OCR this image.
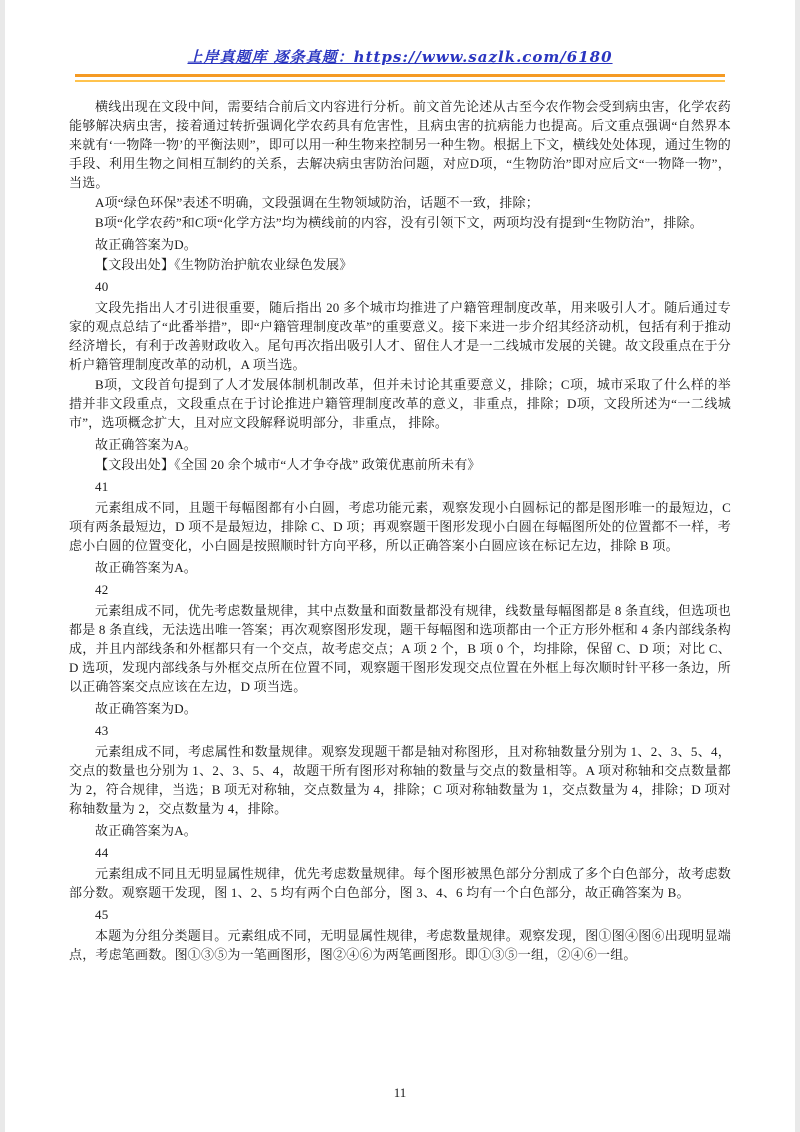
上岸真题库 逐条真题：https://www.sazlk.com/6180

横线出现在文段中间，需要结合前后文内容进行分析。前文首先论述从古至今农作物会受到病虫害，化学农药能够解决病虫害，接着通过转折强调化学农药具有危害性，且病虫害的抗病能力也提高。后文重点强调“自然界本来就有‘一物降一物’的平衡法则”，即可以用一种生物来控制另一种生物。根据上下文，横线处处体现，通过生物的手段、利用生物之间相互制约的关系，去解决病虫害防治问题，对应D项，“生物防治”即对应后文“一物降一物”，当选。

A项“绿色环保”表述不明确，文段强调在生物领域防治，话题不一致，排除；

B项“化学农药”和C项“化学方法”均为横线前的内容，没有引领下文，两项均没有提到“生物防治”，排除。

故正确答案为D。

【文段出处】《生物防治护航农业绿色发展》

40

文段先指出人才引进很重要，随后指出 20 多个城市均推进了户籍管理制度改革，用来吸引人才。随后通过专家的观点总结了“此番举措”，即“户籍管理制度改革”的重要意义。接下来进一步介绍其经济动机，包括有利于推动经济增长，有利于改善财政收入。尾句再次指出吸引人才、留住人才是一二线城市发展的关键。故文段重点在于分析户籍管理制度改革的动机，A 项当选。

B项，文段首句提到了人才发展体制机制改革，但并未讨论其重要意义，排除；C项，城市采取了什么样的举措并非文段重点，文段重点在于讨论推进户籍管理制度改革的意义，非重点，排除；D项，文段所述为“一二线城市”，选项概念扩大，且对应文段解释说明部分，非重点， 排除。

故正确答案为A。

【文段出处】《全国 20 余个城市“人才争夺战” 政策优惠前所未有》

41

元素组成不同，且题干每幅图都有小白圆，考虑功能元素，观察发现小白圆标记的都是图形唯一的最短边，C 项有两条最短边，D 项不是最短边，排除 C、D 项；再观察题干图形发现小白圆在每幅图所处的位置都不一样，考虑小白圆的位置变化，小白圆是按照顺时针方向平移，所以正确答案小白圆应该在标记左边，排除 B 项。

故正确答案为A。

42

元素组成不同，优先考虑数量规律，其中点数量和面数量都没有规律，线数量每幅图都是 8 条直线，但选项也都是 8 条直线，无法选出唯一答案；再次观察图形发现，题干每幅图和选项都由一个正方形外框和 4 条内部线条构成，并且内部线条和外框都只有一个交点，故考虑交点；A 项 2 个，B 项 0 个，均排除，保留 C、D 项；对比 C、D 选项，发现内部线条与外框交点所在位置不同，观察题干图形发现交点位置在外框上每次顺时针平移一条边，所以正确答案交点应该在左边，D 项当选。

故正确答案为D。

43

元素组成不同，考虑属性和数量规律。观察发现题干都是轴对称图形，且对称轴数量分别为 1、2、3、5、4，交点的数量也分别为 1、2、3、5、4，故题干所有图形对称轴的数量与交点的数量相等。A 项对称轴和交点数量都为 2，符合规律，当选；B 项无对称轴，交点数量为 4，排除；C 项对称轴数量为 1，交点数量为 4，排除；D 项对称轴数量为 2，交点数量为 4，排除。

故正确答案为A。

44

元素组成不同且无明显属性规律，优先考虑数量规律。每个图形被黑色部分分割成了多个白色部分，故考虑数部分数。观察题干发现，图 1、2、5 均有两个白色部分，图 3、4、6 均有一个白色部分，故正确答案为 B。

45

本题为分组分类题目。元素组成不同，无明显属性规律，考虑数量规律。观察发现，图①图④图⑥出现明显端点，考虑笔画数。图①③⑤为一笔画图形，图②④⑥为两笔画图形。即①③⑤一组，②④⑥一组。

11
